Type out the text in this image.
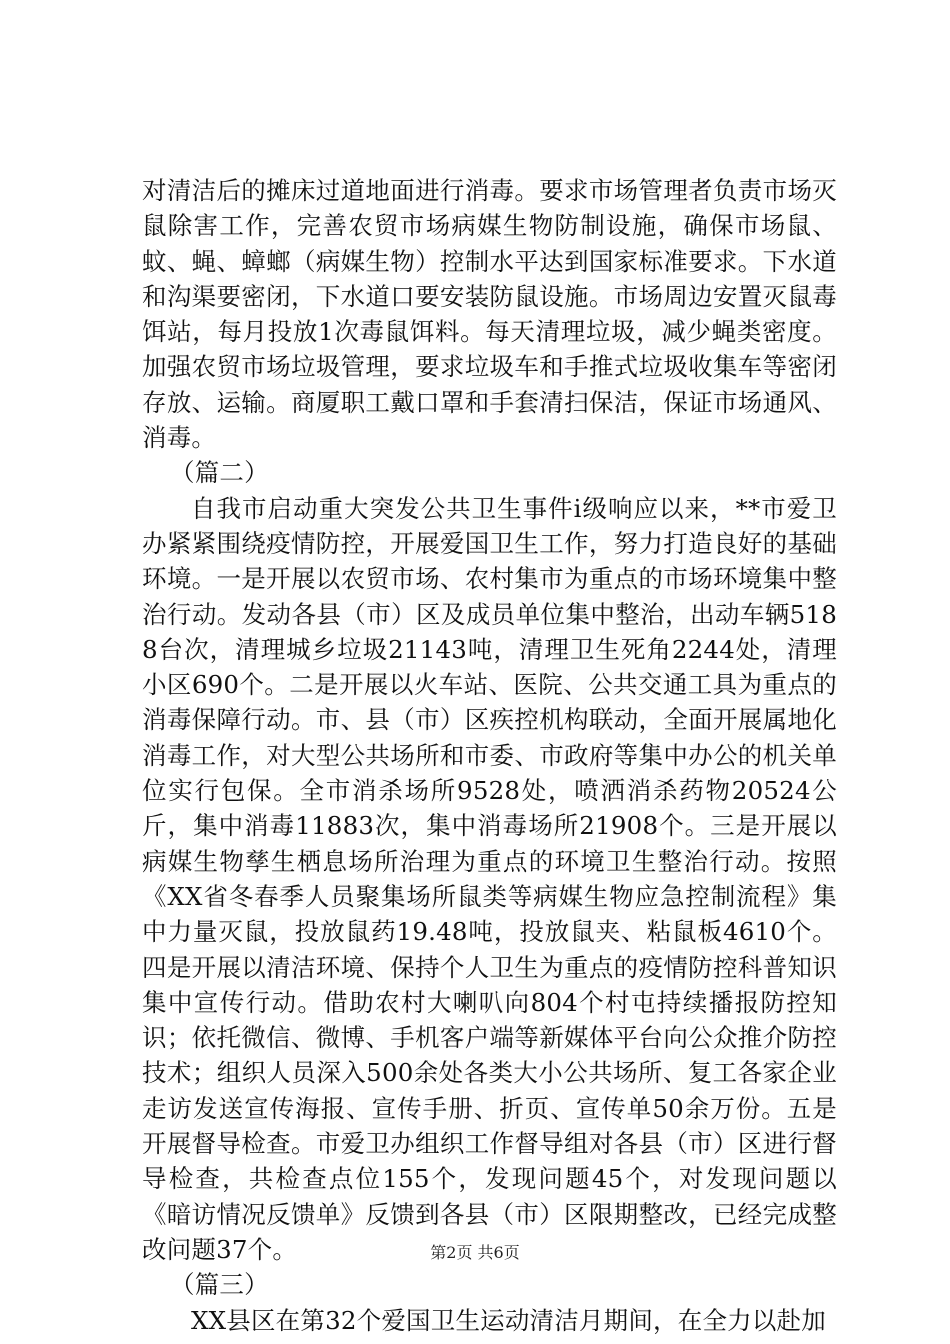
对清洁后的摊床过道地面进行消毒。要求市场管理者负责市场灭鼠除害工作，完善农贸市场病媒生物防制设施，确保市场鼠、蚊、蝇、蟑螂（病媒生物）控制水平达到国家标准要求。下水道和沟渠要密闭，下水道口要安装防鼠设施。市场周边安置灭鼠毒饵站，每月投放1次毒鼠饵料。每天清理垃圾，减少蝇类密度。加强农贸市场垃圾管理，要求垃圾车和手推式垃圾收集车等密闭存放、运输。商厦职工戴口罩和手套清扫保洁，保证市场通风、消毒。

（篇二）

自我市启动重大突发公共卫生事件ⅰ级响应以来，**市爱卫办紧紧围绕疫情防控，开展爱国卫生工作，努力打造良好的基础环境。一是开展以农贸市场、农村集市为重点的市场环境集中整治行动。发动各县（市）区及成员单位集中整治，出动车辆5188台次，清理城乡垃圾21143吨，清理卫生死角2244处，清理小区690个。二是开展以火车站、医院、公共交通工具为重点的消毒保障行动。市、县（市）区疾控机构联动，全面开展属地化消毒工作，对大型公共场所和市委、市政府等集中办公的机关单位实行包保。全市消杀场所9528处，喷洒消杀药物20524公斤，集中消毒11883次，集中消毒场所21908个。三是开展以病媒生物孳生栖息场所治理为重点的环境卫生整治行动。按照《XX省冬春季人员聚集场所鼠类等病媒生物应急控制流程》集中力量灭鼠，投放鼠药19.48吨，投放鼠夹、粘鼠板4610个。四是开展以清洁环境、保持个人卫生为重点的疫情防控科普知识集中宣传行动。借助农村大喇叭向804个村屯持续播报防控知识；依托微信、微博、手机客户端等新媒体平台向公众推介防控技术；组织人员深入500余处各类大小公共场所、复工各家企业走访发送宣传海报、宣传手册、折页、宣传单50余万份。五是开展督导检查。市爱卫办组织工作督导组对各县（市）区进行督导检查，共检查点位155个，发现问题45个，对发现问题以《暗访情况反馈单》反馈到各县（市）区限期整改，已经完成整改问题37个。

（篇三）

XX县区在第32个爱国卫生运动清洁月期间，在全力以赴加

第2页 共6页
